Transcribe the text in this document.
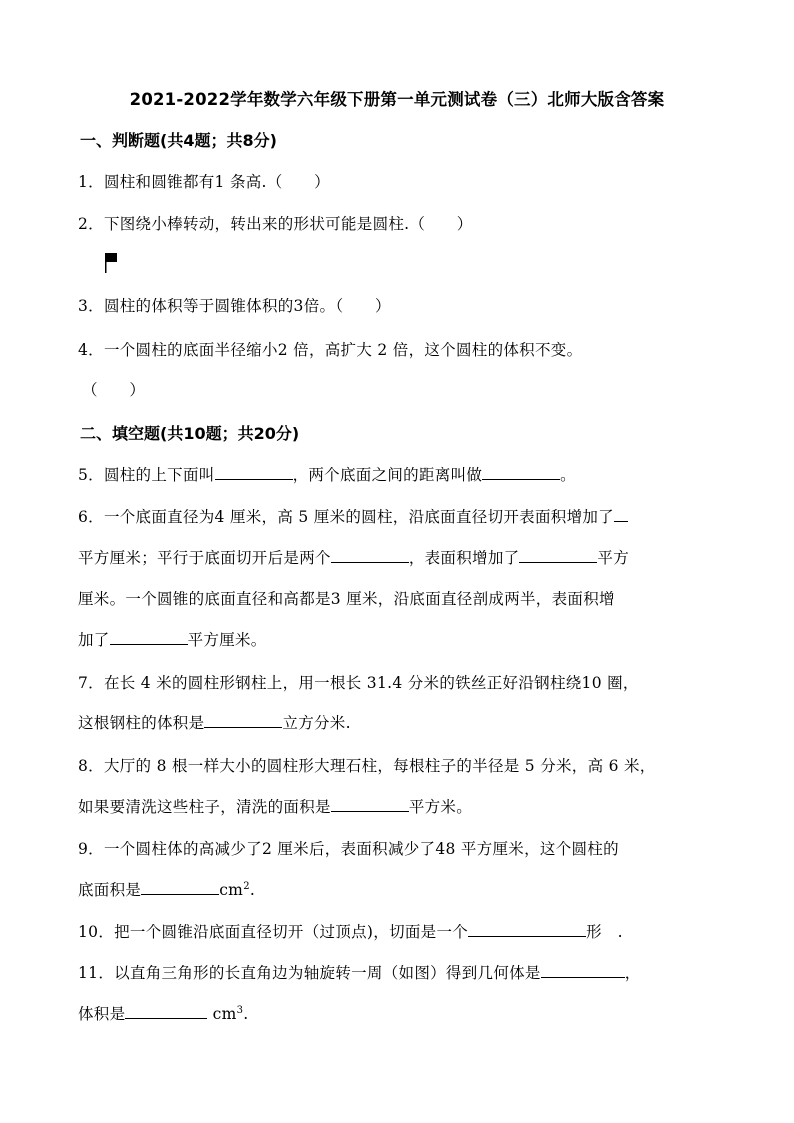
2021-2022学年数学六年级下册第一单元测试卷（三）北师大版含答案
一、判断题(共4题；共8分)
1．圆柱和圆锥都有1 条高.（　　）
2．下图绕小棒转动，转出来的形状可能是圆柱.（　　）
3．圆柱的体积等于圆锥体积的3倍。（　　）
4．一个圆柱的底面半径缩小2 倍，高扩大 2 倍，这个圆柱的体积不变。
（　　）
二、填空题(共10题；共20分)
5．圆柱的上下面叫	，两个底面之间的距离叫做	。
6．一个底面直径为4 厘米，高 5 厘米的圆柱，沿底面直径切开表面积增加了
平方厘米；平行于底面切开后是两个	，表面积增加了	平方
厘米。一个圆锥的底面直径和高都是3 厘米，沿底面直径剖成两半，表面积增
加了	平方厘米。
7．在长 4 米的圆柱形钢柱上，用一根长 31.4 分米的铁丝正好沿钢柱绕10 圈，
这根钢柱的体积是	立方分米.
8．大厅的 8 根一样大小的圆柱形大理石柱，每根柱子的半径是 5 分米，高 6 米，
如果要清洗这些柱子，清洗的面积是	平方米。
9．一个圆柱体的高减少了2 厘米后，表面积减少了48 平方厘米，这个圆柱的
底面积是	$cm^2$.
10．把一个圆锥沿底面直径切开（过顶点)，切面是一个	形　.
11．以直角三角形的长直角边为轴旋转一周（如图）得到几何体是	，
体积是	$cm^3$.
